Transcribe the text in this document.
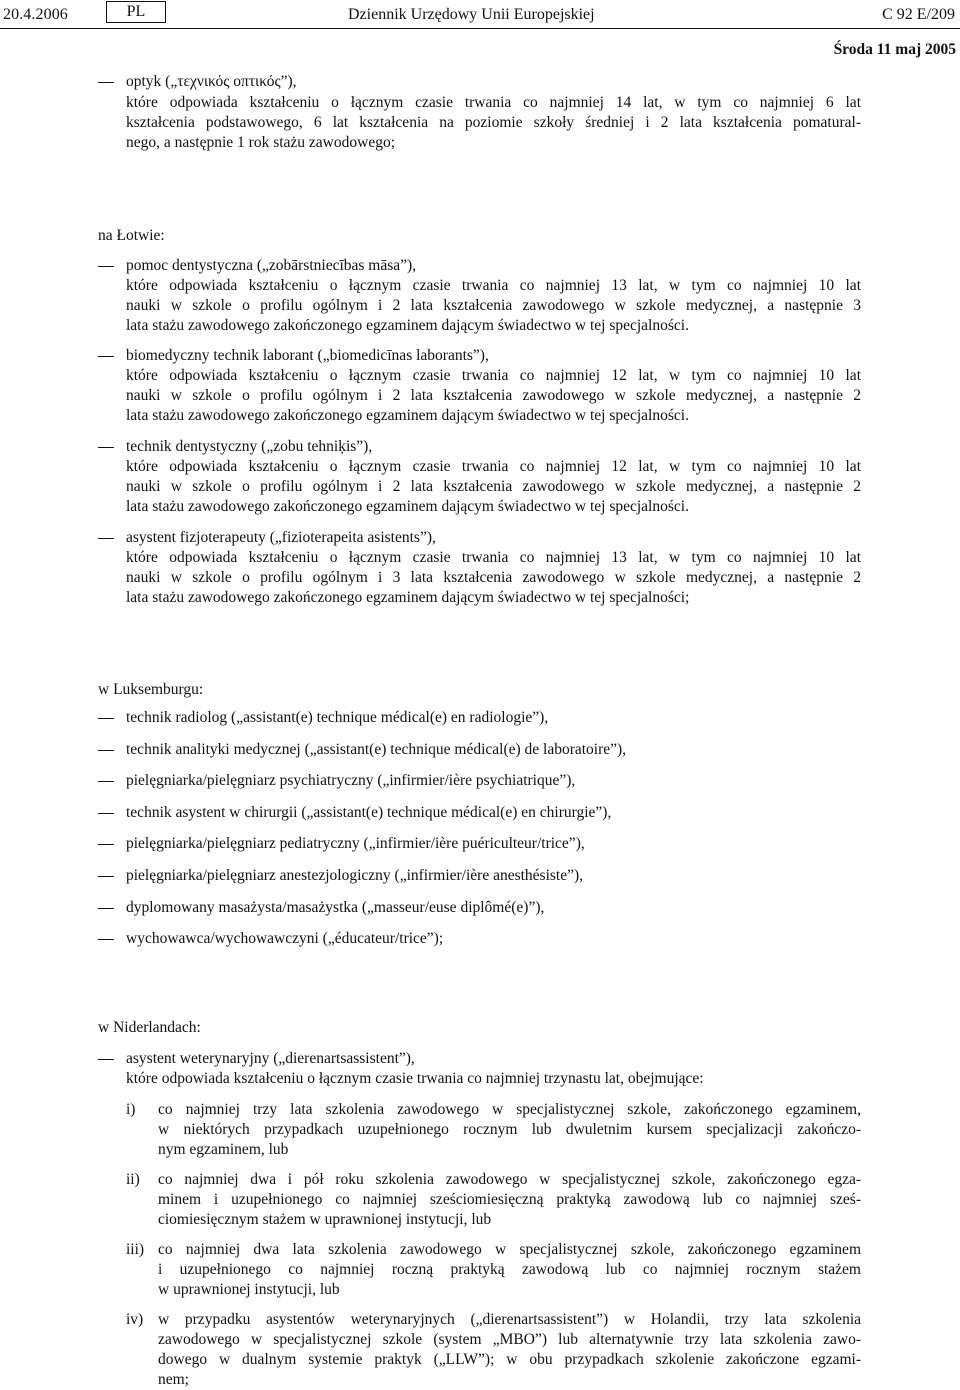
20.4.2006	PL	Dziennik Urzędowy Unii Europejskiej	C 92 E/209
Środa 11 maj 2005
optyk („τεχνικός οπτικός”),
które odpowiada kształceniu o łącznym czasie trwania co najmniej 14 lat, w tym co najmniej 6 lat
kształcenia podstawowego, 6 lat kształcenia na poziomie szkoły średniej i 2 lata kształcenia pomatural-
nego, a następnie 1 rok stażu zawodowego;
na Łotwie:
pomoc dentystyczna („zobārstniecības māsa”),
które odpowiada kształceniu o łącznym czasie trwania co najmniej 13 lat, w tym co najmniej 10 lat
nauki w szkole o profilu ogólnym i 2 lata kształcenia zawodowego w szkole medycznej, a następnie 3
lata stażu zawodowego zakończonego egzaminem dającym świadectwo w tej specjalności.
biomedyczny technik laborant („biomedicīnas laborants”),
które odpowiada kształceniu o łącznym czasie trwania co najmniej 12 lat, w tym co najmniej 10 lat
nauki w szkole o profilu ogólnym i 2 lata kształcenia zawodowego w szkole medycznej, a następnie 2
lata stażu zawodowego zakończonego egzaminem dającym świadectwo w tej specjalności.
technik dentystyczny („zobu tehniķis”),
które odpowiada kształceniu o łącznym czasie trwania co najmniej 12 lat, w tym co najmniej 10 lat
nauki w szkole o profilu ogólnym i 2 lata kształcenia zawodowego w szkole medycznej, a następnie 2
lata stażu zawodowego zakończonego egzaminem dającym świadectwo w tej specjalności.
asystent fizjoterapeuty („fizioterapeita asistents”),
które odpowiada kształceniu o łącznym czasie trwania co najmniej 13 lat, w tym co najmniej 10 lat
nauki w szkole o profilu ogólnym i 3 lata kształcenia zawodowego w szkole medycznej, a następnie 2
lata stażu zawodowego zakończonego egzaminem dającym świadectwo w tej specjalności;
w Luksemburgu:
technik radiolog („assistant(e) technique médical(e) en radiologie”),
technik analityki medycznej („assistant(e) technique médical(e) de laboratoire”),
pielęgniarka/pielęgniarz psychiatryczny („infirmier/ière psychiatrique”),
technik asystent w chirurgii („assistant(e) technique médical(e) en chirurgie”),
pielęgniarka/pielęgniarz pediatryczny („infirmier/ière puériculteur/trice”),
pielęgniarka/pielęgniarz anestezjologiczny („infirmier/ière anesthésiste”),
dyplomowany masażysta/masażystka („masseur/euse diplômé(e)”),
wychowawca/wychowawczyni („éducateur/trice”);
w Niderlandach:
asystent weterynaryjny („dierenartsassistent”),
które odpowiada kształceniu o łącznym czasie trwania co najmniej trzynastu lat, obejmujące:
i) co najmniej trzy lata szkolenia zawodowego w specjalistycznej szkole, zakończonego egzaminem,
w niektórych przypadkach uzupełnionego rocznym lub dwuletnim kursem specjalizacji zakończo-
nym egzaminem, lub
ii) co najmniej dwa i pół roku szkolenia zawodowego w specjalistycznej szkole, zakończonego egza-
minem i uzupełnionego co najmniej sześciomiesięczną praktyką zawodową lub co najmniej sześ-
ciomiesięcznym stażem w uprawnionej instytucji, lub
iii) co najmniej dwa lata szkolenia zawodowego w specjalistycznej szkole, zakończonego egzaminem
i uzupełnionego co najmniej roczną praktyką zawodową lub co najmniej rocznym stażem
w uprawnionej instytucji, lub
iv) w przypadku asystentów weterynaryjnych („dierenartsassistent”) w Holandii, trzy lata szkolenia
zawodowego w specjalistycznej szkole (system „MBO”) lub alternatywnie trzy lata szkolenia zawo-
dowego w dualnym systemie praktyk („LLW”); w obu przypadkach szkolenie zakończone egzami-
nem;
